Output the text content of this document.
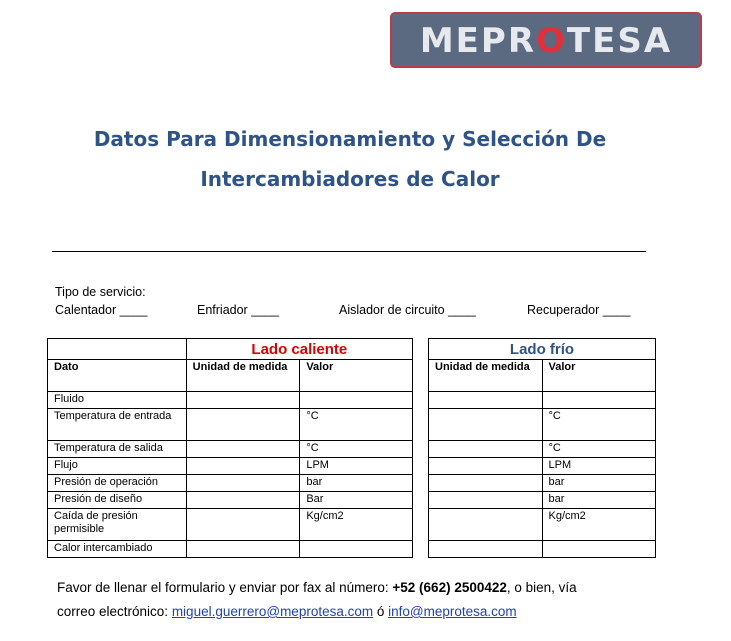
MEPROTESA
Datos Para Dimensionamiento y Selección De
Intercambiadores de Calor
Tipo de servicio:
Calentador ____	Enfriador ____	Aislador de circuito ____	Recuperador ____
	Lado caliente	
Dato	Unidad de medida	Valor
Fluido		
Temperatura de entrada		°C
Temperatura de salida		°C
Flujo		LPM
Presión de operación		bar
Presión de diseño		Bar
Caída de presión permisible		Kg/cm2
Calor intercambiado		
Lado frío	
Unidad de medida	Valor

	°C
	°C
	LPM
	bar
	bar
	Kg/cm2

Favor de llenar el formulario y enviar por fax al número: +52 (662) 2500422, o bien, vía
correo electrónico: miguel.guerrero@meprotesa.com ó info@meprotesa.com
